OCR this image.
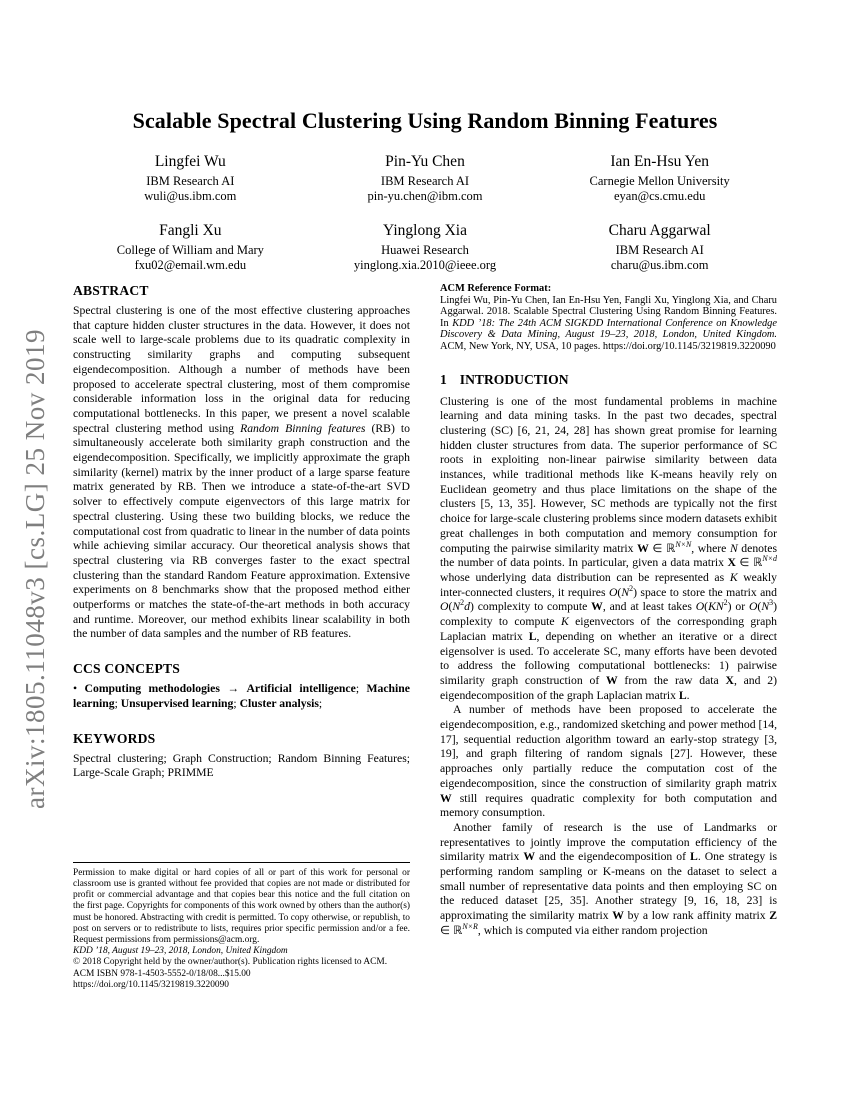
arXiv:1805.11048v3 [cs.LG] 25 Nov 2019
Scalable Spectral Clustering Using Random Binning Features
Lingfei Wu
IBM Research AI
wuli@us.ibm.com
Pin-Yu Chen
IBM Research AI
pin-yu.chen@ibm.com
Ian En-Hsu Yen
Carnegie Mellon University
eyan@cs.cmu.edu
Fangli Xu
College of William and Mary
fxu02@email.wm.edu
Yinglong Xia
Huawei Research
yinglong.xia.2010@ieee.org
Charu Aggarwal
IBM Research AI
charu@us.ibm.com
ABSTRACT

Spectral clustering is one of the most effective clustering approaches that capture hidden cluster structures in the data. However, it does not scale well to large-scale problems due to its quadratic complexity in constructing similarity graphs and computing subsequent eigendecomposition. Although a number of methods have been proposed to accelerate spectral clustering, most of them compromise considerable information loss in the original data for reducing computational bottlenecks. In this paper, we present a novel scalable spectral clustering method using Random Binning features (RB) to simultaneously accelerate both similarity graph construction and the eigendecomposition. Specifically, we implicitly approximate the graph similarity (kernel) matrix by the inner product of a large sparse feature matrix generated by RB. Then we introduce a state-of-the-art SVD solver to effectively compute eigenvectors of this large matrix for spectral clustering. Using these two building blocks, we reduce the computational cost from quadratic to linear in the number of data points while achieving similar accuracy. Our theoretical analysis shows that spectral clustering via RB converges faster to the exact spectral clustering than the standard Random Feature approximation. Extensive experiments on 8 benchmarks show that the proposed method either outperforms or matches the state-of-the-art methods in both accuracy and runtime. Moreover, our method exhibits linear scalability in both the number of data samples and the number of RB features.

CCS CONCEPTS

• Computing methodologies → Artificial intelligence; Machine learning; Unsupervised learning; Cluster analysis;

KEYWORDS

Spectral clustering; Graph Construction; Random Binning Features; Large-Scale Graph; PRIMME

Permission to make digital or hard copies of all or part of this work for personal or classroom use is granted without fee provided that copies are not made or distributed for profit or commercial advantage and that copies bear this notice and the full citation on the first page. Copyrights for components of this work owned by others than the author(s) must be honored. Abstracting with credit is permitted. To copy otherwise, or republish, to post on servers or to redistribute to lists, requires prior specific permission and/or a fee. Request permissions from permissions@acm.org.

KDD ’18, August 19–23, 2018, London, United Kingdom

© 2018 Copyright held by the owner/author(s). Publication rights licensed to ACM.

ACM ISBN 978-1-4503-5552-0/18/08...$15.00

https://doi.org/10.1145/3219819.3220090

ACM Reference Format:

Lingfei Wu, Pin-Yu Chen, Ian En-Hsu Yen, Fangli Xu, Yinglong Xia, and Charu Aggarwal. 2018. Scalable Spectral Clustering Using Random Binning Features. In KDD ’18: The 24th ACM SIGKDD International Conference on Knowledge Discovery & Data Mining, August 19–23, 2018, London, United Kingdom. ACM, New York, NY, USA, 10 pages. https://doi.org/10.1145/3219819.3220090

1 INTRODUCTION

Clustering is one of the most fundamental problems in machine learning and data mining tasks. In the past two decades, spectral clustering (SC) [6, 21, 24, 28] has shown great promise for learning hidden cluster structures from data. The superior performance of SC roots in exploiting non-linear pairwise similarity between data instances, while traditional methods like K-means heavily rely on Euclidean geometry and thus place limitations on the shape of the clusters [5, 13, 35]. However, SC methods are typically not the first choice for large-scale clustering problems since modern datasets exhibit great challenges in both computation and memory consumption for computing the pairwise similarity matrix W ∈ ℝ$^{N\times N}$, where N denotes the number of data points. In particular, given a data matrix X ∈ ℝ$^{N\times d}$ whose underlying data distribution can be represented as K weakly inter-connected clusters, it requires $O(N^2)$ space to store the matrix and $O(N^2d)$ complexity to compute W, and at least takes $O(KN^2)$ or $O(N^3)$ complexity to compute K eigenvectors of the corresponding graph Laplacian matrix L, depending on whether an iterative or a direct eigensolver is used. To accelerate SC, many efforts have been devoted to address the following computational bottlenecks: 1) pairwise similarity graph construction of W from the raw data X, and 2) eigendecomposition of the graph Laplacian matrix L.

A number of methods have been proposed to accelerate the eigendecomposition, e.g., randomized sketching and power method [14, 17], sequential reduction algorithm toward an early-stop strategy [3, 19], and graph filtering of random signals [27]. However, these approaches only partially reduce the computation cost of the eigendecomposition, since the construction of similarity graph matrix W still requires quadratic complexity for both computation and memory consumption.

Another family of research is the use of Landmarks or representatives to jointly improve the computation efficiency of the similarity matrix W and the eigendecomposition of L. One strategy is performing random sampling or K-means on the dataset to select a small number of representative data points and then employing SC on the reduced dataset [25, 35]. Another strategy [9, 16, 18, 23] is approximating the similarity matrix W by a low rank affinity matrix Z ∈ ℝ$^{N\times R}$, which is computed via either random projection
